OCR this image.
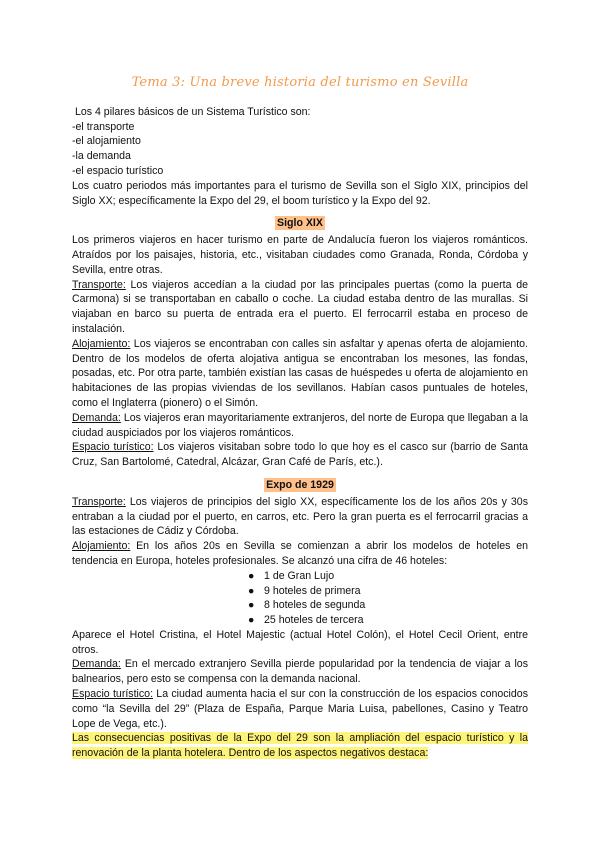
Tema 3: Una breve historia del turismo en Sevilla

Los 4 pilares básicos de un Sistema Turístico son:

-el transporte
-el alojamiento
-la demanda
-el espacio turístico

Los cuatro periodos más importantes para el turismo de Sevilla son el Siglo XIX, principios del Siglo XX; específicamente la Expo del 29, el boom turístico y la Expo del 92.

Siglo XIX

Los primeros viajeros en hacer turismo en parte de Andalucía fueron los viajeros románticos. Atraídos por los paisajes, historia, etc., visitaban ciudades como Granada, Ronda, Córdoba y Sevilla, entre otras.

Transporte: Los viajeros accedían a la ciudad por las principales puertas (como la puerta de Carmona) si se transportaban en caballo o coche. La ciudad estaba dentro de las murallas. Si viajaban en barco su puerta de entrada era el puerto. El ferrocarril estaba en proceso de instalación.

Alojamiento: Los viajeros se encontraban con calles sin asfaltar y apenas oferta de alojamiento. Dentro de los modelos de oferta alojativa antigua se encontraban los mesones, las fondas, posadas, etc. Por otra parte, también existían las casas de huéspedes u oferta de alojamiento en habitaciones de las propias viviendas de los sevillanos. Habían casos puntuales de hoteles, como el Inglaterra (pionero) o el Simón.

Demanda: Los viajeros eran mayoritariamente extranjeros, del norte de Europa que llegaban a la ciudad auspiciados por los viajeros románticos.

Espacio turístico: Los viajeros visitaban sobre todo lo que hoy es el casco sur (barrio de Santa Cruz, San Bartolomé, Catedral, Alcázar, Gran Café de París, etc.).

Expo de 1929

Transporte: Los viajeros de principios del siglo XX, específicamente los de los años 20s y 30s entraban a la ciudad por el puerto, en carros, etc. Pero la gran puerta es el ferrocarril gracias a las estaciones de Cádiz y Córdoba.

Alojamiento: En los años 20s en Sevilla se comienzan a abrir los modelos de hoteles en tendencia en Europa, hoteles profesionales. Se alcanzó una cifra de 46 hoteles:

● 1 de Gran Lujo
● 9 hoteles de primera
● 8 hoteles de segunda
● 25 hoteles de tercera

Aparece el Hotel Cristina, el Hotel Majestic (actual Hotel Colón), el Hotel Cecil Orient, entre otros.

Demanda: En el mercado extranjero Sevilla pierde popularidad por la tendencia de viajar a los balnearios, pero esto se compensa con la demanda nacional.

Espacio turístico: La ciudad aumenta hacia el sur con la construcción de los espacios conocidos como “la Sevilla del 29” (Plaza de España, Parque Maria Luisa, pabellones, Casino y Teatro Lope de Vega, etc.).

Las consecuencias positivas de la Expo del 29 son la ampliación del espacio turístico y la renovación de la planta hotelera. Dentro de los aspectos negativos destaca:
